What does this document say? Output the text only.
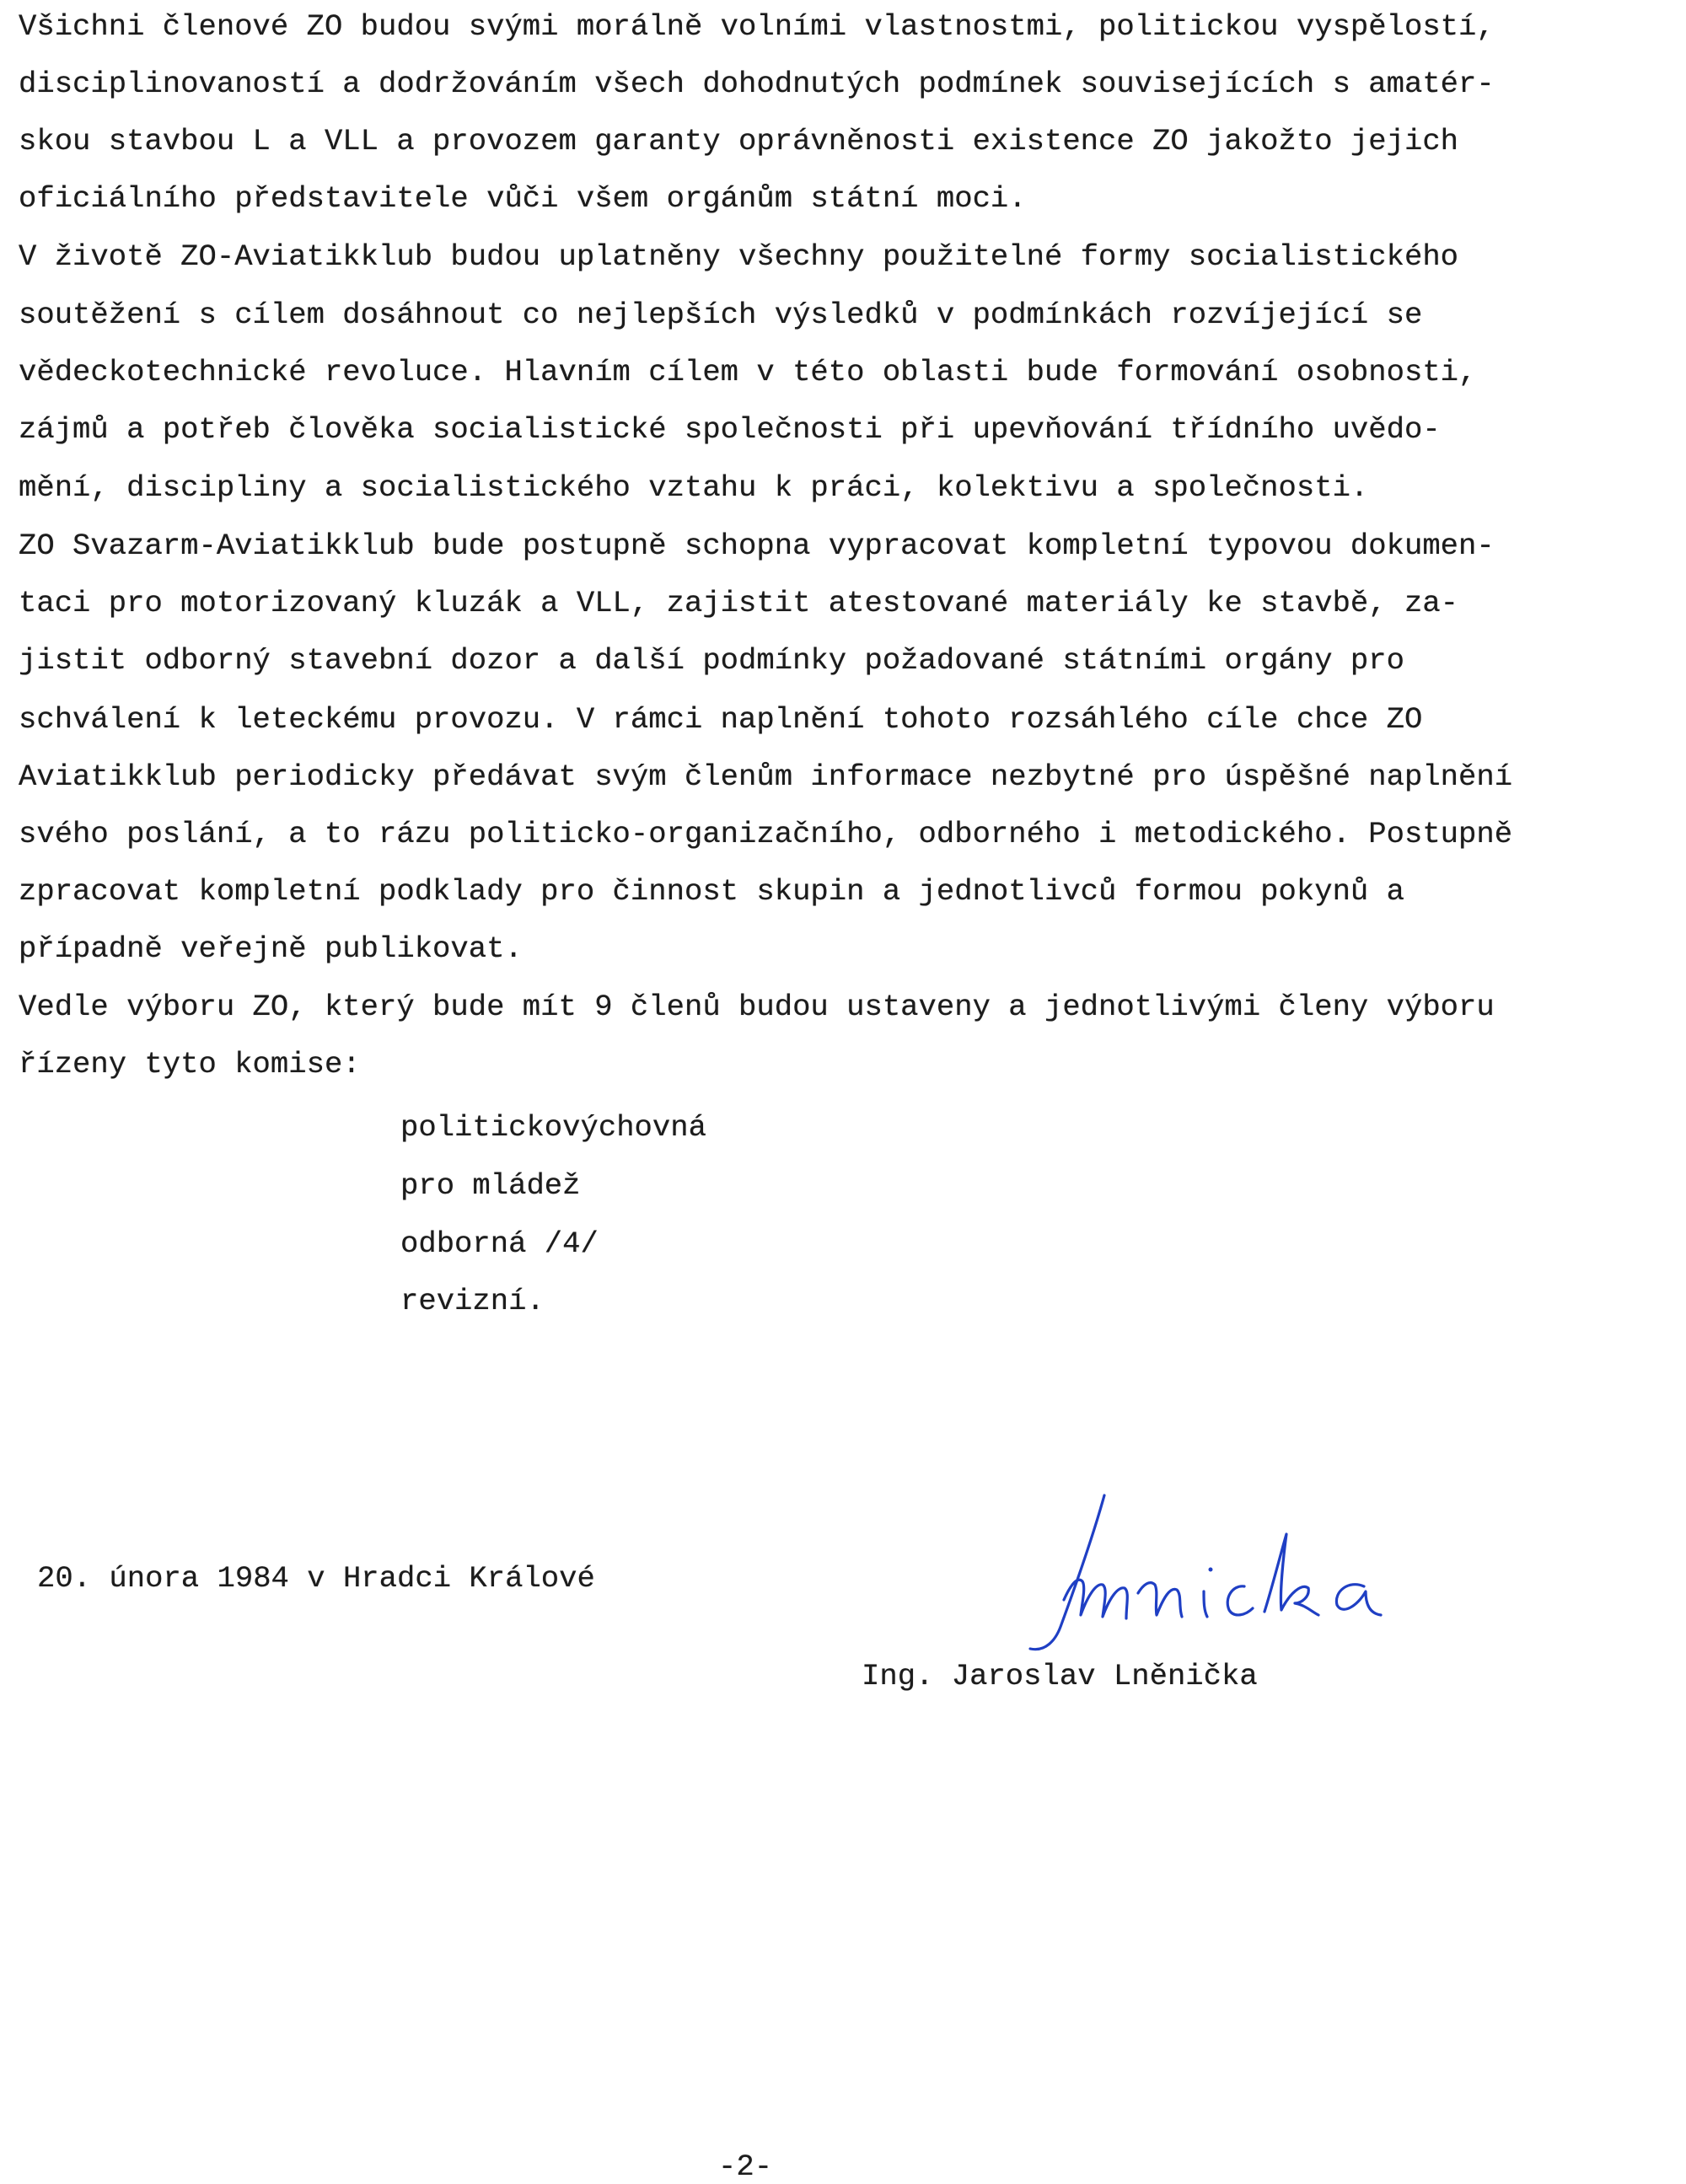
Všichni členové ZO budou svými morálně volními vlastnostmi, politickou vyspělostí,
disciplinovaností a dodržováním všech dohodnutých podmínek souvisejících s amatér-
skou stavbou L a VLL a provozem garanty oprávněnosti existence ZO jakožto jejich
oficiálního představitele vůči všem orgánům státní moci.
V životě ZO-Aviatikklub budou uplatněny všechny použitelné formy socialistického
soutěžení s cílem dosáhnout co nejlepších výsledků v podmínkách rozvíjející se
vědeckotechnické revoluce. Hlavním cílem v této oblasti bude formování osobnosti,
zájmů a potřeb člověka socialistické společnosti při upevňování třídního uvědo-
mění, discipliny a socialistického vztahu k práci, kolektivu a společnosti.
ZO Svazarm-Aviatikklub bude postupně schopna vypracovat kompletní typovou dokumen-
taci pro motorizovaný kluzák a VLL, zajistit atestované materiály ke stavbě, za-
jistit odborný stavební dozor a další podmínky požadované státními orgány pro
schválení k leteckému provozu. V rámci naplnění tohoto rozsáhlého cíle chce ZO
Aviatikklub periodicky předávat svým členům informace nezbytné pro úspěšné naplnění
svého poslání, a to rázu politicko-organizačního, odborného i metodického. Postupně
zpracovat kompletní podklady pro činnost skupin a jednotlivců formou pokynů a
případně veřejně publikovat.
Vedle výboru ZO, který bude mít 9 členů budou ustaveny a jednotlivými členy výboru
řízeny tyto komise:
politickovýchovná
pro mládež
odborná /4/
revizní.
20. února 1984 v Hradci Králové
Ing. Jaroslav Lněnička
-2-
